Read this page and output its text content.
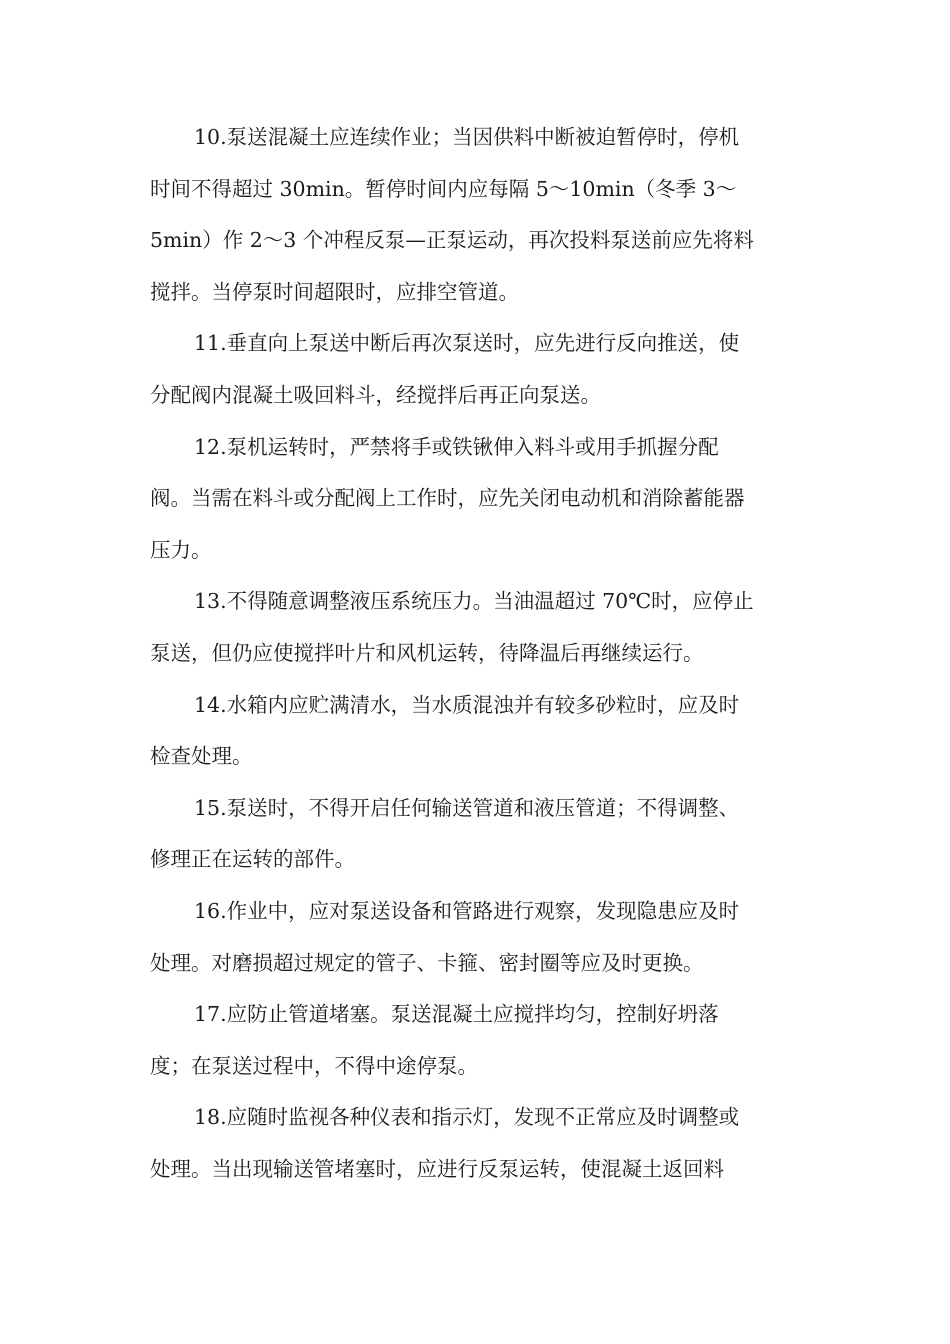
10.泵送混凝土应连续作业；当因供料中断被迫暂停时，停机
时间不得超过 30min。暂停时间内应每隔 5～10min（冬季 3～
5min）作 2～3 个冲程反泵—正泵运动，再次投料泵送前应先将料
搅拌。当停泵时间超限时，应排空管道。
11.垂直向上泵送中断后再次泵送时，应先进行反向推送，使
分配阀内混凝土吸回料斗，经搅拌后再正向泵送。
12.泵机运转时，严禁将手或铁锹伸入料斗或用手抓握分配
阀。当需在料斗或分配阀上工作时，应先关闭电动机和消除蓄能器
压力。
13.不得随意调整液压系统压力。当油温超过 70℃时，应停止
泵送，但仍应使搅拌叶片和风机运转，待降温后再继续运行。
14.水箱内应贮满清水，当水质混浊并有较多砂粒时，应及时
检查处理。
15.泵送时，不得开启任何输送管道和液压管道；不得调整、
修理正在运转的部件。
16.作业中，应对泵送设备和管路进行观察，发现隐患应及时
处理。对磨损超过规定的管子、卡箍、密封圈等应及时更换。
17.应防止管道堵塞。泵送混凝土应搅拌均匀，控制好坍落
度；在泵送过程中，不得中途停泵。
18.应随时监视各种仪表和指示灯，发现不正常应及时调整或
处理。当出现输送管堵塞时，应进行反泵运转，使混凝土返回料
